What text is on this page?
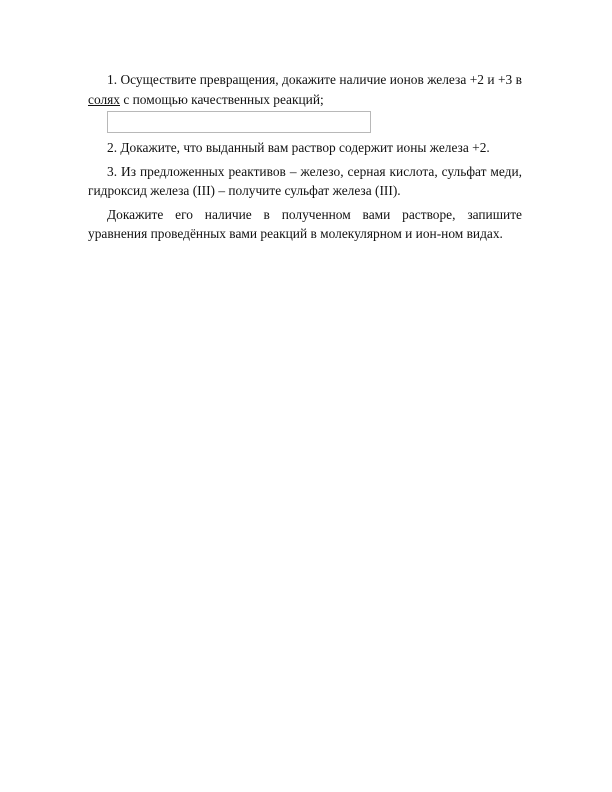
1. Осуществите превращения, докажите наличие ионов железа +2 и +3 в солях с помощью качественных реакций;

2. Докажите, что выданный вам раствор содержит ионы железа +2.

3. Из предложенных реактивов – железо, серная кислота, сульфат меди, гидроксид железа (III) – получите сульфат железа (III).

Докажите его наличие в полученном вами растворе, запишите уравнения проведённых вами реакций в молекулярном и ион-ном видах.
